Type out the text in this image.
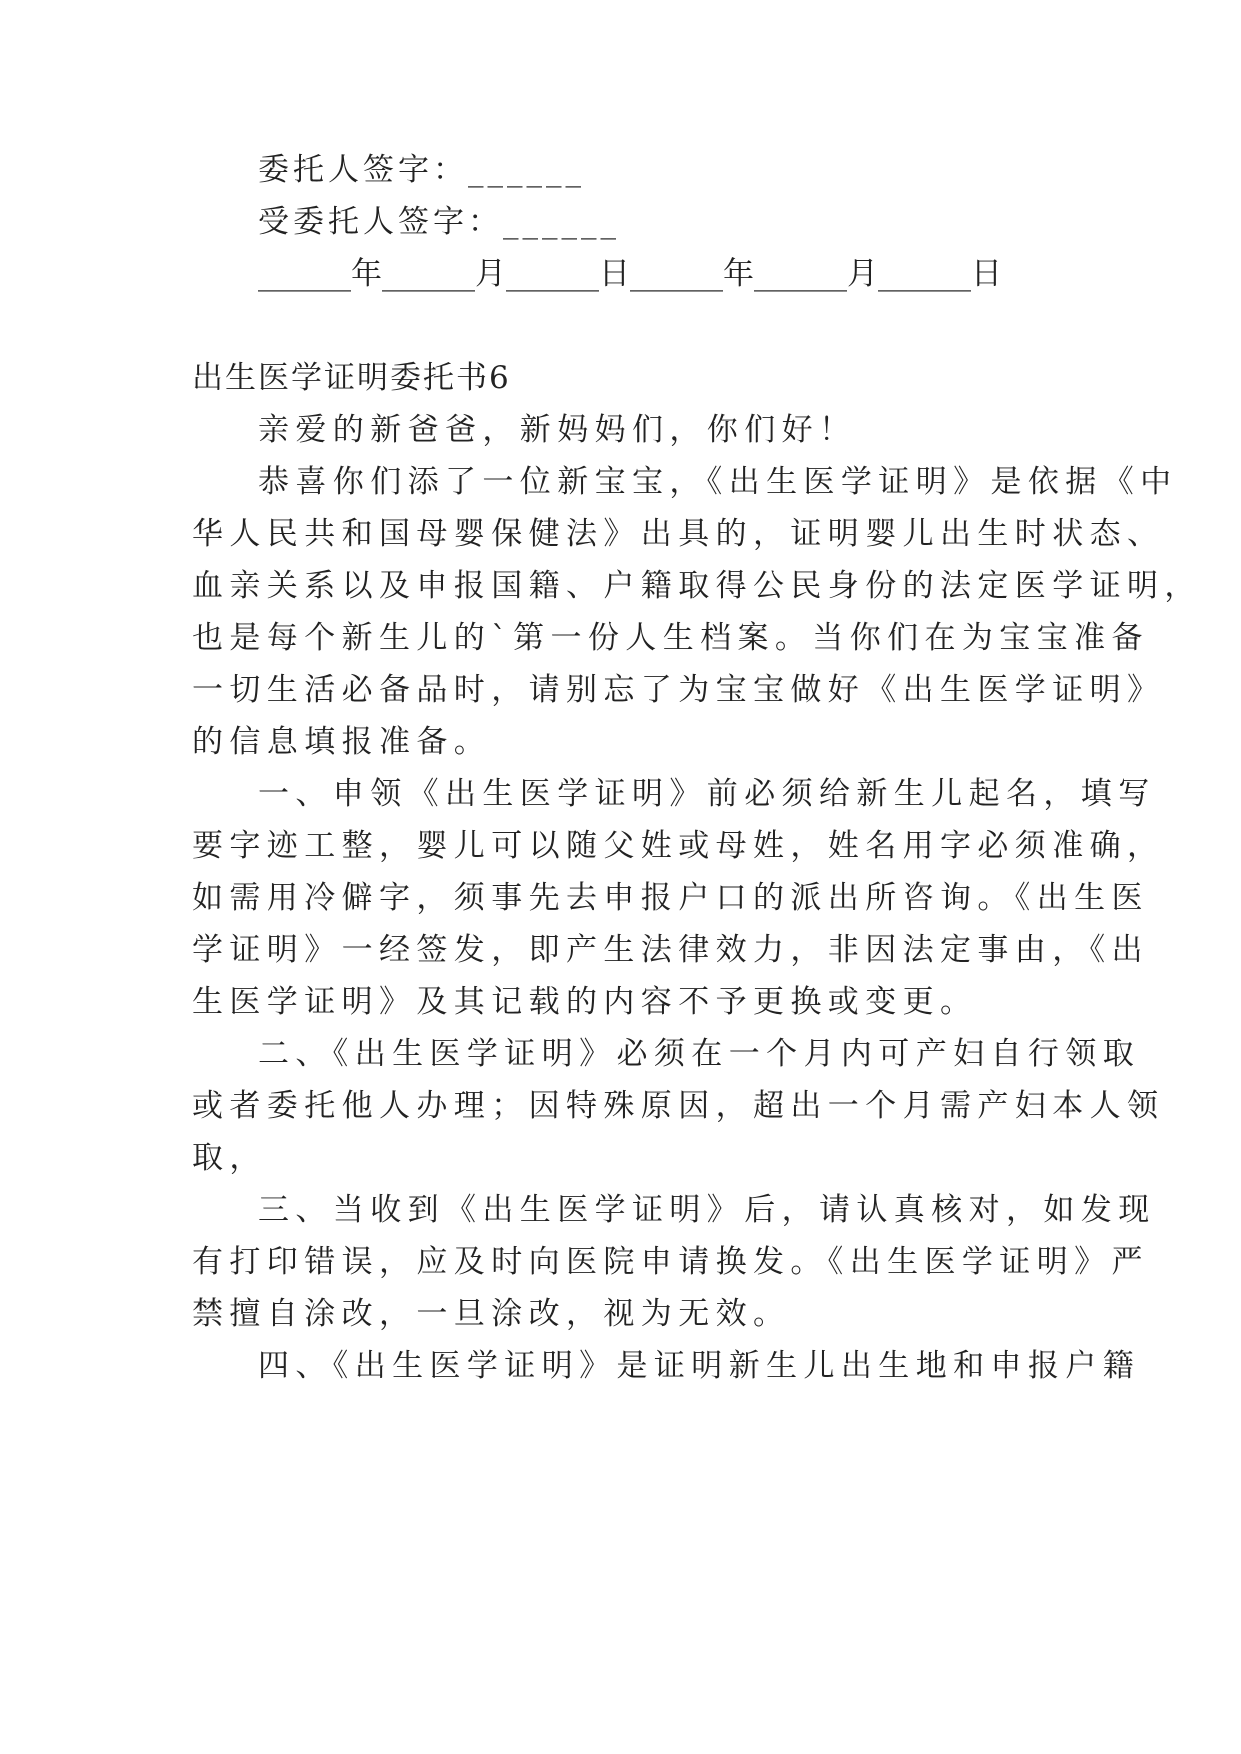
委托人签字：______

受委托人签字：______

______年______月______日______年______月______日

出生医学证明委托书6

亲爱的新爸爸，新妈妈们，你们好！

恭喜你们添了一位新宝宝，《出生医学证明》是依据《中

华人民共和国母婴保健法》出具的，证明婴儿出生时状态、

血亲关系以及申报国籍、户籍取得公民身份的法定医学证明，

也是每个新生儿的`第一份人生档案。当你们在为宝宝准备

一切生活必备品时，请别忘了为宝宝做好《出生医学证明》

的信息填报准备。

一、申领《出生医学证明》前必须给新生儿起名，填写

要字迹工整，婴儿可以随父姓或母姓，姓名用字必须准确，

如需用冷僻字，须事先去申报户口的派出所咨询。《出生医

学证明》一经签发，即产生法律效力，非因法定事由，《出

生医学证明》及其记载的内容不予更换或变更。

二、《出生医学证明》必须在一个月内可产妇自行领取

或者委托他人办理；因特殊原因，超出一个月需产妇本人领

取，

三、当收到《出生医学证明》后，请认真核对，如发现

有打印错误，应及时向医院申请换发。《出生医学证明》严

禁擅自涂改，一旦涂改，视为无效。

四、《出生医学证明》是证明新生儿出生地和申报户籍
